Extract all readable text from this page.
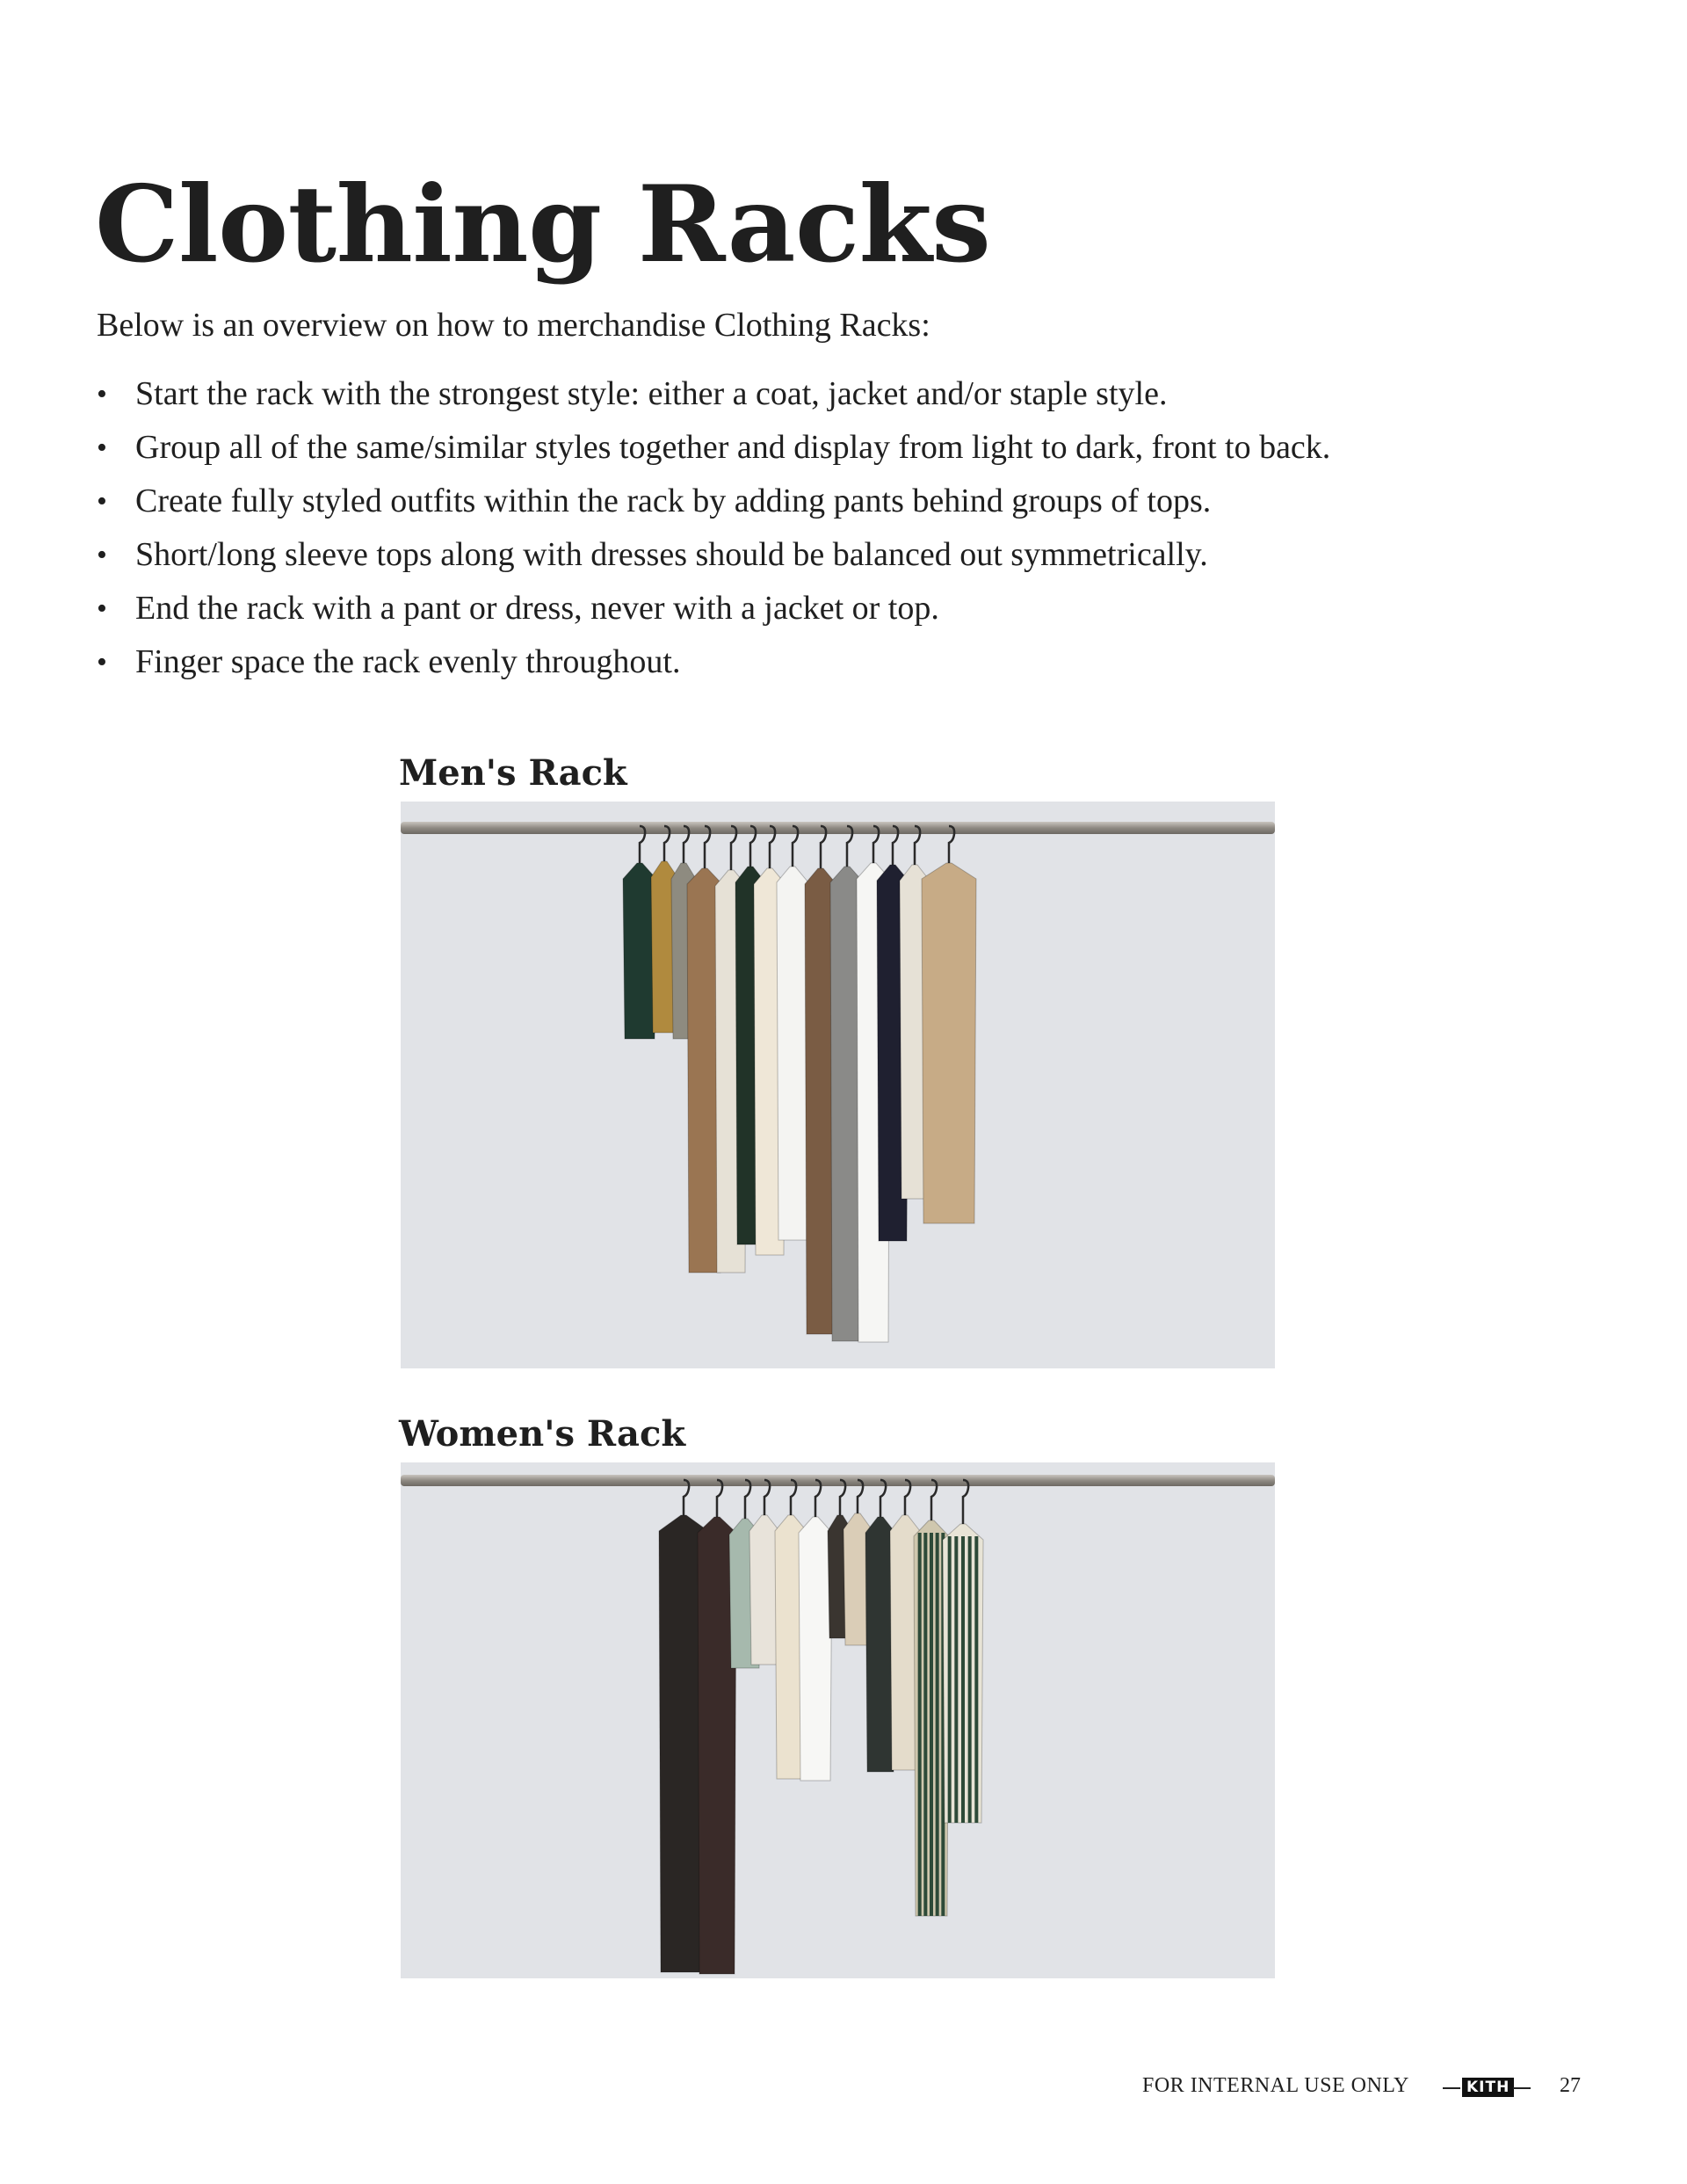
Clothing Racks

Below is an overview on how to merchandise Clothing Racks:

• Start the rack with the strongest style: either a coat, jacket and/or staple style.
• Group all of the same/similar styles together and display from light to dark, front to back.
• Create fully styled outfits within the rack by adding pants behind groups of tops.
• Short/long sleeve tops along with dresses should be balanced out symmetrically.
• End the rack with a pant or dress, never with a jacket or top.
• Finger space the rack evenly throughout.
Men's Rack
Women's Rack
FOR INTERNAL USE ONLY	KITH 27
